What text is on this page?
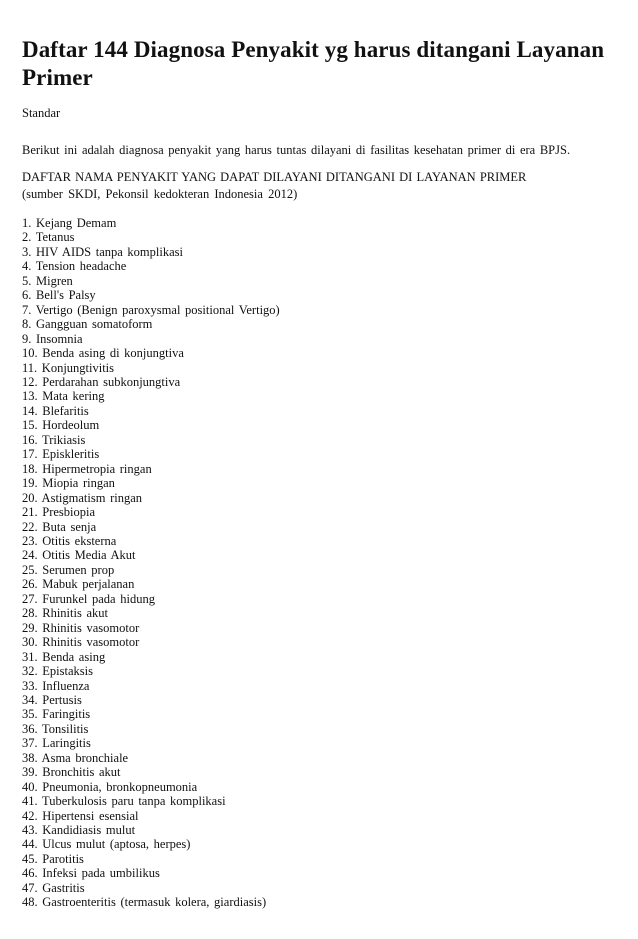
Daftar 144 Diagnosa Penyakit yg harus ditangani Layanan Primer
Standar
Berikut ini adalah diagnosa penyakit yang harus tuntas dilayani di fasilitas kesehatan primer di era BPJS.
DAFTAR NAMA PENYAKIT YANG DAPAT DILAYANI DITANGANI DI LAYANAN PRIMER
(sumber SKDI, Pekonsil kedokteran Indonesia 2012)
1. Kejang Demam
2. Tetanus
3. HIV AIDS tanpa komplikasi
4. Tension headache
5. Migren
6. Bell's Palsy
7. Vertigo (Benign paroxysmal positional Vertigo)
8. Gangguan somatoform
9. Insomnia
10. Benda asing di konjungtiva
11. Konjungtivitis
12. Perdarahan subkonjungtiva
13. Mata kering
14. Blefaritis
15. Hordeolum
16. Trikiasis
17. Episkleritis
18. Hipermetropia ringan
19. Miopia ringan
20. Astigmatism ringan
21. Presbiopia
22. Buta senja
23. Otitis eksterna
24. Otitis Media Akut
25. Serumen prop
26. Mabuk perjalanan
27. Furunkel pada hidung
28. Rhinitis akut
29. Rhinitis vasomotor
30. Rhinitis vasomotor
31. Benda asing
32. Epistaksis
33. Influenza
34. Pertusis
35. Faringitis
36. Tonsilitis
37. Laringitis
38. Asma bronchiale
39. Bronchitis akut
40. Pneumonia, bronkopneumonia
41. Tuberkulosis paru tanpa komplikasi
42. Hipertensi esensial
43. Kandidiasis mulut
44. Ulcus mulut (aptosa, herpes)
45. Parotitis
46. Infeksi pada umbilikus
47. Gastritis
48. Gastroenteritis (termasuk kolera, giardiasis)
